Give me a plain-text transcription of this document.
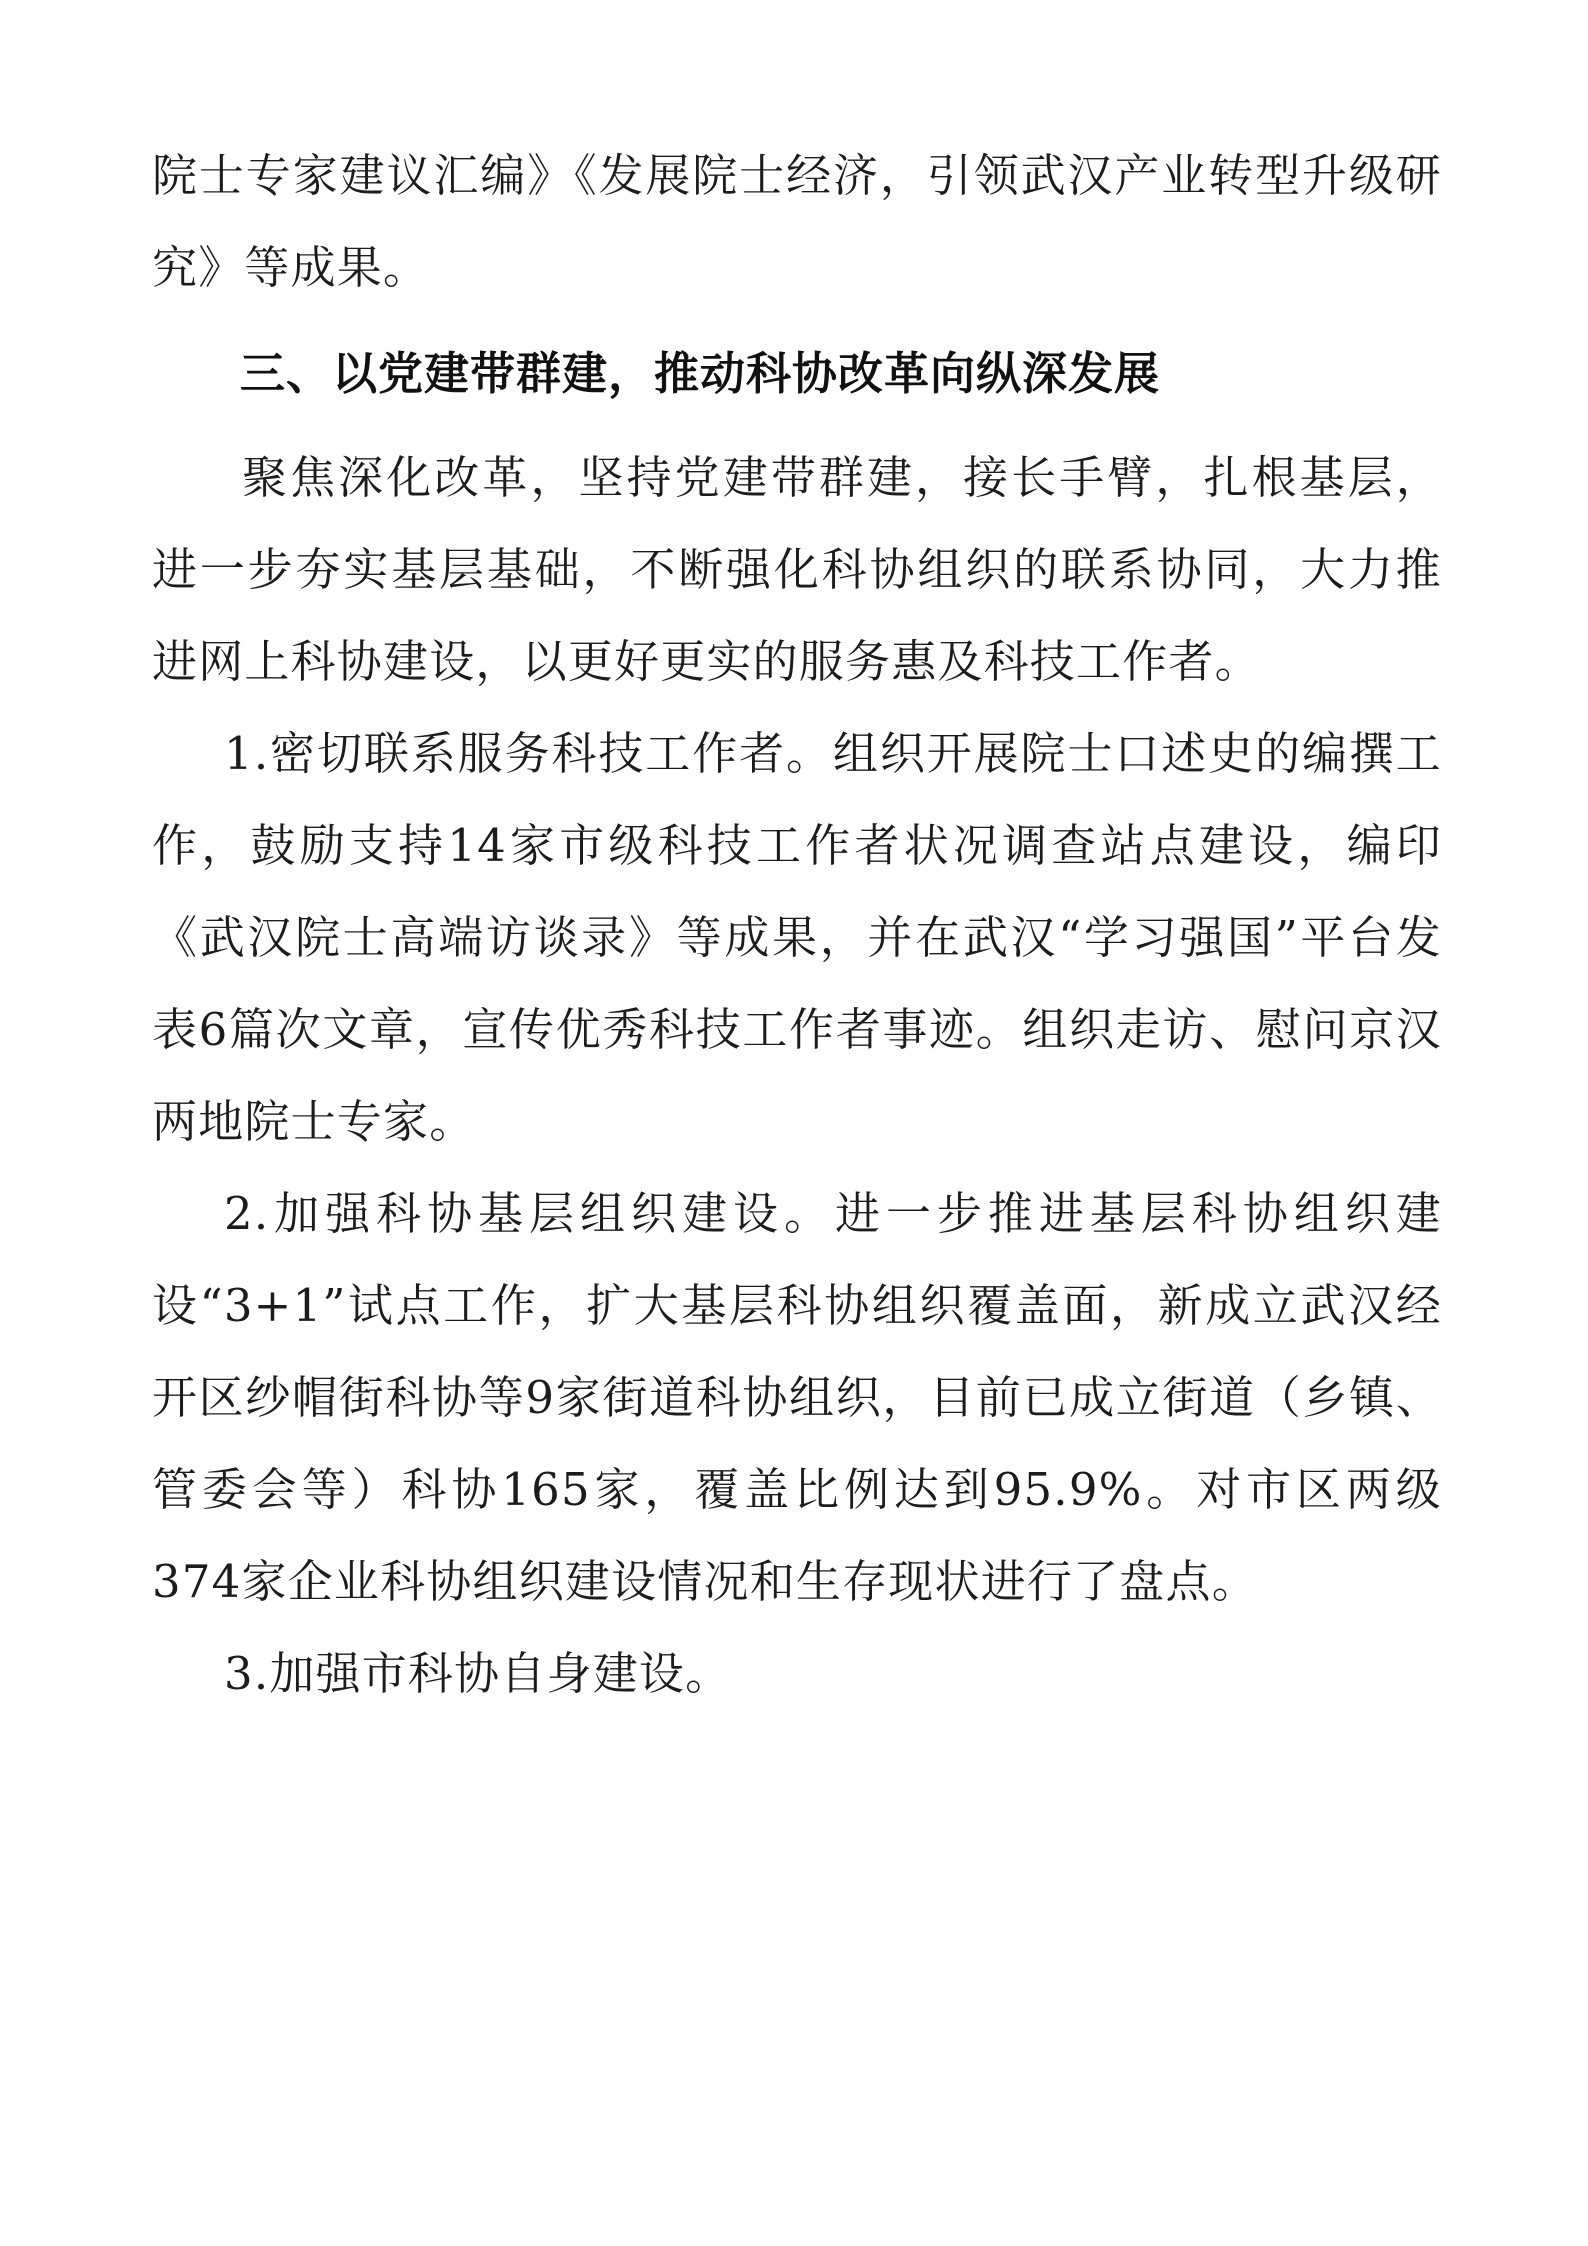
院士专家建议汇编》《发展院士经济，引领武汉产业转型升级研究》等成果。

三、以党建带群建，推动科协改革向纵深发展

聚焦深化改革，坚持党建带群建，接长手臂，扎根基层，进一步夯实基层基础，不断强化科协组织的联系协同，大力推进网上科协建设，以更好更实的服务惠及科技工作者。

1.密切联系服务科技工作者。组织开展院士口述史的编撰工作，鼓励支持14家市级科技工作者状况调查站点建设，编印《武汉院士高端访谈录》等成果，并在武汉“学习强国”平台发表6篇次文章，宣传优秀科技工作者事迹。组织走访、慰问京汉两地院士专家。

2.加强科协基层组织建设。进一步推进基层科协组织建设“3+1”试点工作，扩大基层科协组织覆盖面，新成立武汉经开区纱帽街科协等9家街道科协组织，目前已成立街道（乡镇、管委会等）科协165家，覆盖比例达到95.9%。对市区两级374家企业科协组织建设情况和生存现状进行了盘点。

3.加强市科协自身建设。
